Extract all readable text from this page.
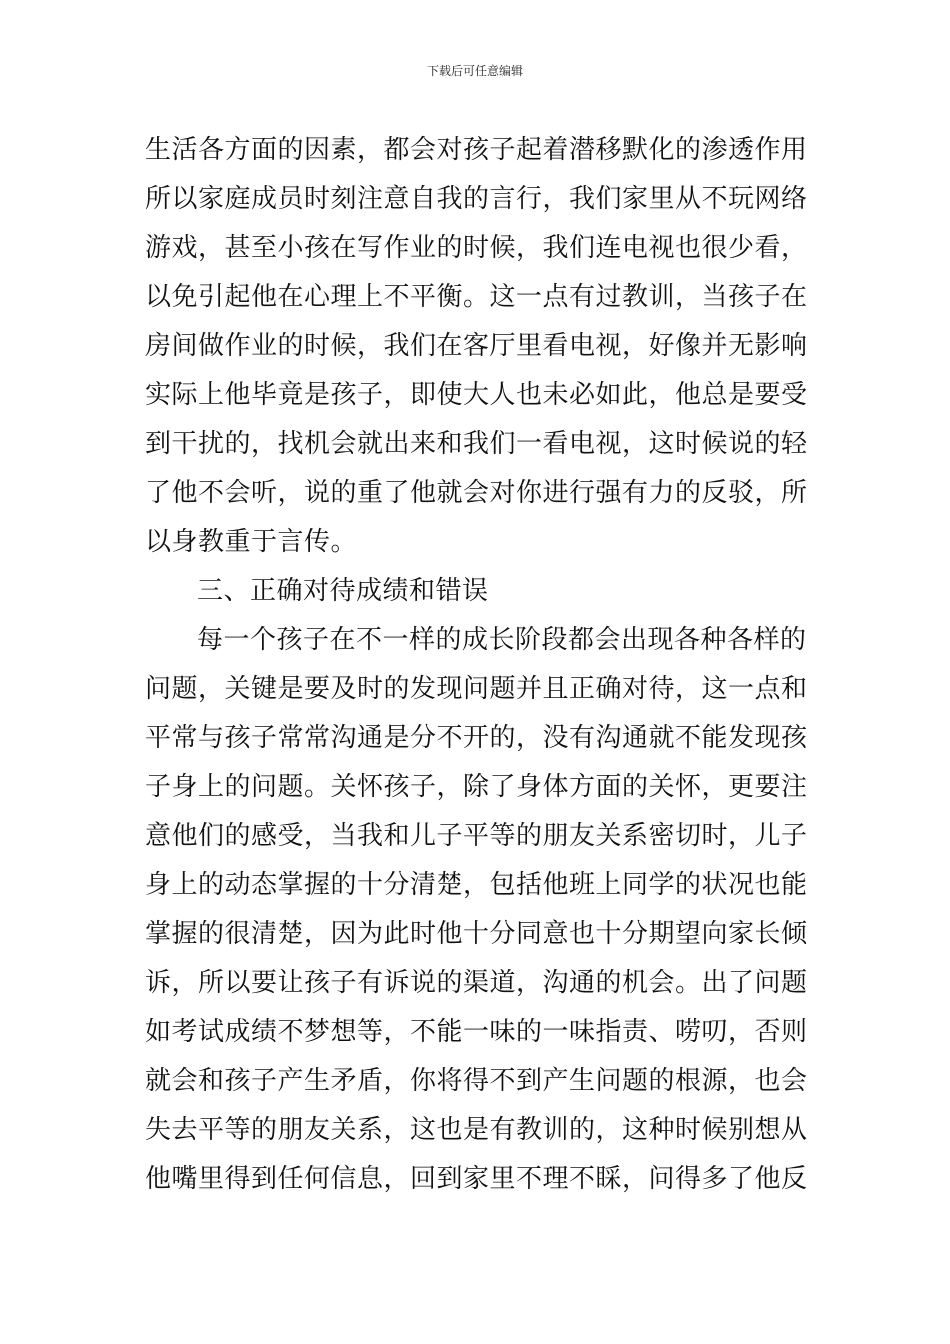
下载后可任意编辑
生活各方面的因素，都会对孩子起着潜移默化的渗透作用
所以家庭成员时刻注意自我的言行，我们家里从不玩网络
游戏，甚至小孩在写作业的时候，我们连电视也很少看，
以免引起他在心理上不平衡。这一点有过教训，当孩子在
房间做作业的时候，我们在客厅里看电视，好像并无影响
实际上他毕竟是孩子，即使大人也未必如此，他总是要受
到干扰的，找机会就出来和我们一看电视，这时候说的轻
了他不会听，说的重了他就会对你进行强有力的反驳，所
以身教重于言传。
三、正确对待成绩和错误
每一个孩子在不一样的成长阶段都会出现各种各样的
问题，关键是要及时的发现问题并且正确对待，这一点和
平常与孩子常常沟通是分不开的，没有沟通就不能发现孩
子身上的问题。关怀孩子，除了身体方面的关怀，更要注
意他们的感受，当我和儿子平等的朋友关系密切时，儿子
身上的动态掌握的十分清楚，包括他班上同学的状况也能
掌握的很清楚，因为此时他十分同意也十分期望向家长倾
诉，所以要让孩子有诉说的渠道，沟通的机会。出了问题
如考试成绩不梦想等，不能一味的一味指责、唠叨，否则
就会和孩子产生矛盾，你将得不到产生问题的根源，也会
失去平等的朋友关系，这也是有教训的，这种时候别想从
他嘴里得到任何信息，回到家里不理不睬，问得多了他反
